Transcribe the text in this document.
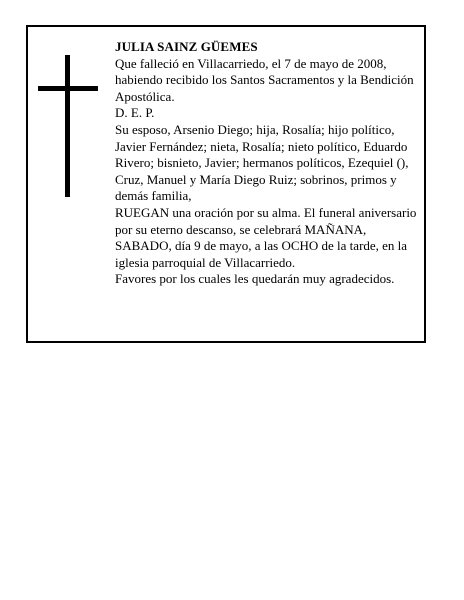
JULIA SAINZ GÜEMES

Que falleció en Villacarriedo, el 7 de mayo de 2008, habiendo recibido los Santos Sacramentos y la Bendición Apostólica.

D. E. P.

Su esposo, Arsenio Diego; hija, Rosalía; hijo político, Javier Fernández; nieta, Rosalía; nieto político, Eduardo Rivero; bisnieto, Javier; hermanos políticos, Ezequiel (), Cruz, Manuel y María Diego Ruiz; sobrinos, primos y demás familia,

RUEGAN una oración por su alma. El funeral aniversario por su eterno descanso, se celebrará MAÑANA, SABADO, día 9 de mayo, a las OCHO de la tarde, en la iglesia parroquial de Villacarriedo.

Favores por los cuales les quedarán muy agradecidos.
